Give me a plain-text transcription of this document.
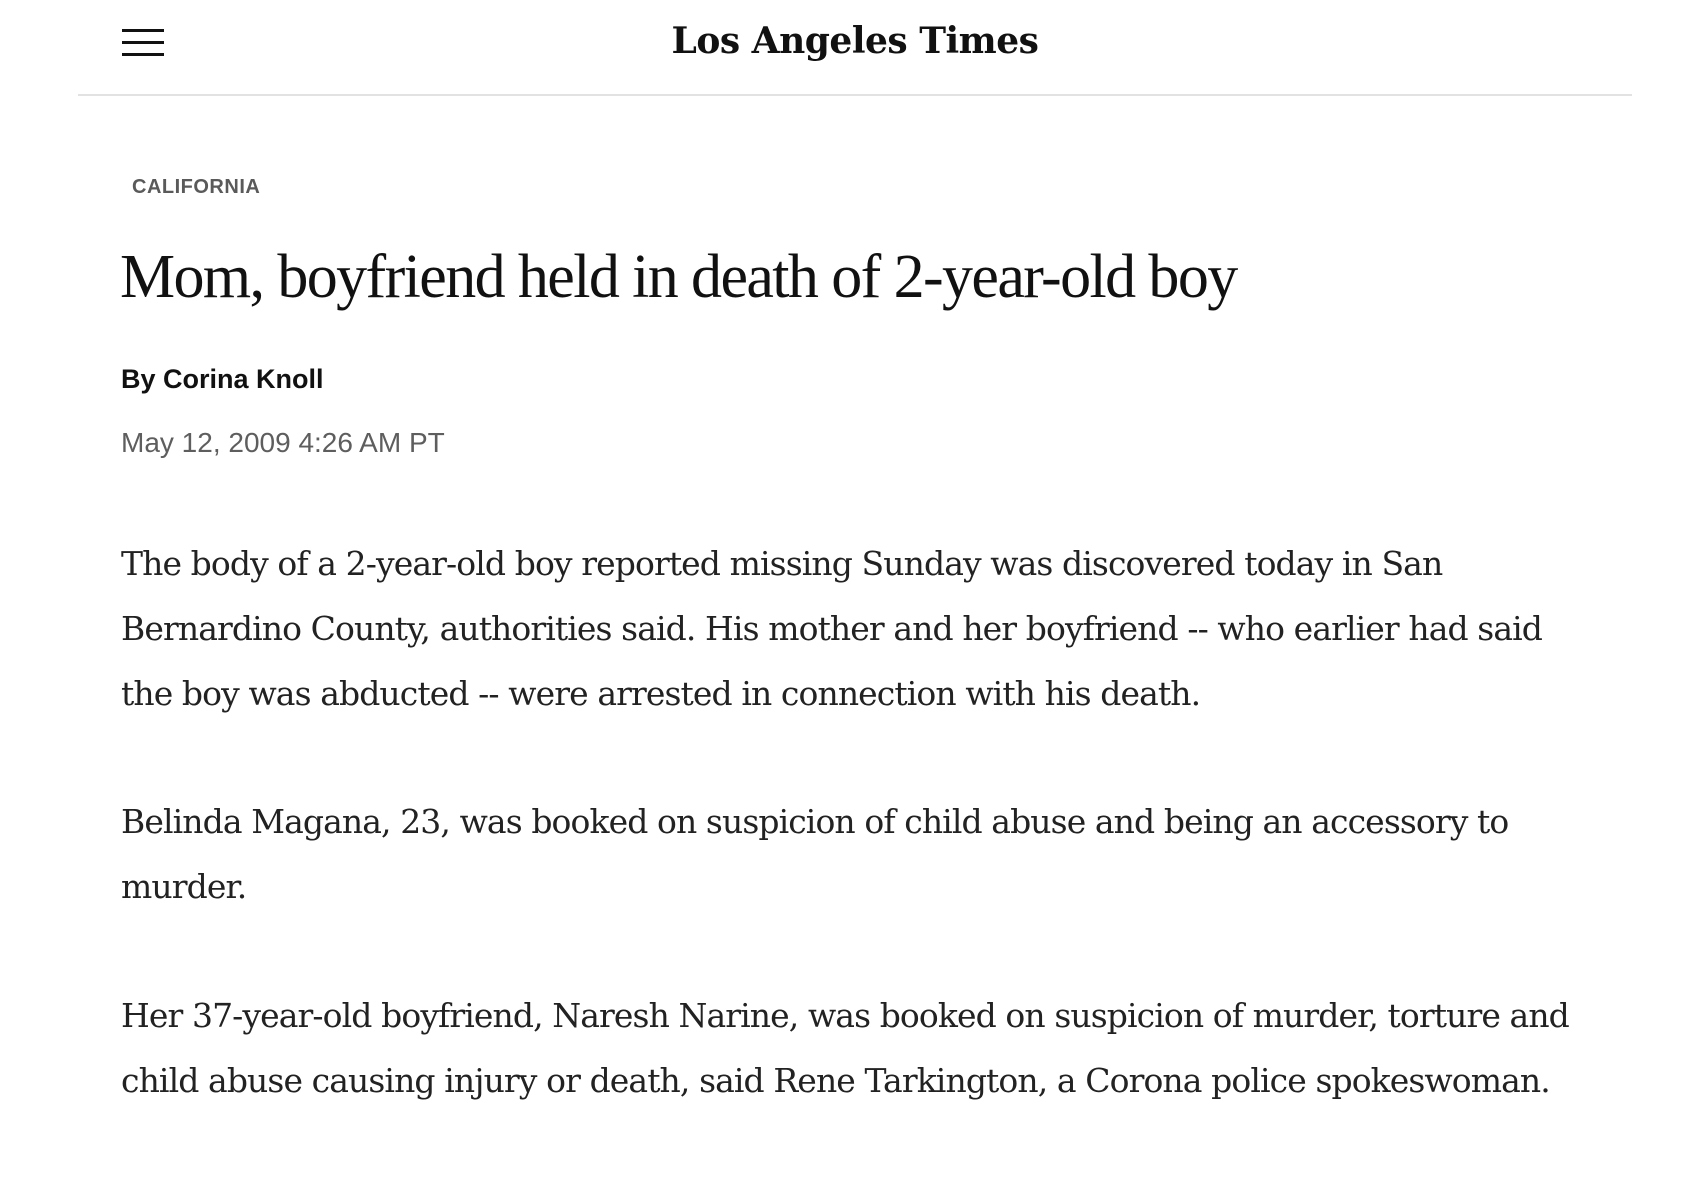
Los Angeles Times
CALIFORNIA
Mom, boyfriend held in death of 2-year-old boy
By Corina Knoll
May 12, 2009 4:26 AM PT

The body of a 2-year-old boy reported missing Sunday was discovered today in San Bernardino County, authorities said. His mother and her boyfriend -- who earlier had said the boy was abducted -- were arrested in connection with his death.

Belinda Magana, 23, was booked on suspicion of child abuse and being an accessory to murder.

Her 37-year-old boyfriend, Naresh Narine, was booked on suspicion of murder, torture and child abuse causing injury or death, said Rene Tarkington, a Corona police spokeswoman.
